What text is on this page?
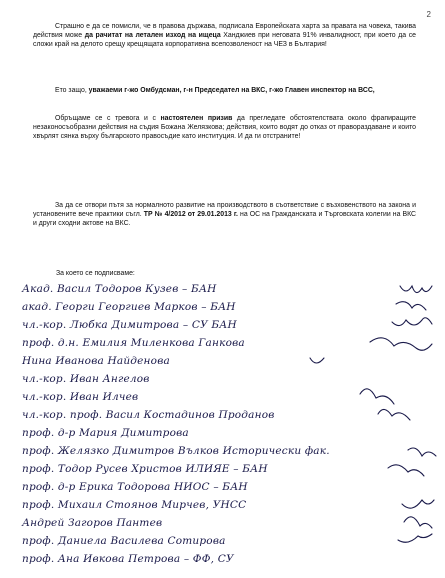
2
Страшно е да се помисли, че в правова държава, подписала Европейската харта за правата на човека, такива действия може да рачитат на летален изход на ищеца Ханджиев при неговата 91% инвалидност, при което да се сложи край на делото срещу крещящата корпоративна всепозволеност на ЧЕЗ в България!
Ето защо, уважаеми г-жо Омбудсман, г-н Председател на ВКС, г-жо Главен инспектор на ВСС,
Обръщаме се с тревога и с настоятелен призив да прегледате обстоятелствата около фрапиращите незаконосъобразни действия на съдия Божана Желязкова; действия, които водят до отказ от правораздаване и които хвърлят сянка върху българското правосъдие като институция. И да ги отстраните!
За да се отвори пътя за нормалното развитие на производството в съответствие с възховенството на закона и установените вече практики съгл. ТР № 4/2012 от 29.01.2013 г. на ОС на Гражданската и Търговската колегии на ВКС и други сходни актове на ВКС.
За което се подписваме:
Акад. Васил Тодоров Кузев – БАН
акад. Георги Георгиев Марков – БАН
чл.-кор. Любка Димитрова – СУ БАН
проф. д.н. Емилия Миленкова Ганкова
Нина Иванова Найденова
чл.-кор. Иван Ангелов
чл.-кор. Иван Илчев
чл.-кор. проф. Васил Костадинов Проданов
проф. д-р Мария Димитрова
проф. Желязко Димитров Вълков Исторически фак.
проф. Тодор Русев Христов ИЛИЯЕ – БАН
проф. д-р Ерика Тодорова НИОС – БАН
проф. Михаил Стоянов Мирчев, УНСС
Андрей Загоров Пантев
проф. Даниела Василева Сотирова
проф. Ана Ивкова Петрова – ФФ, СУ
